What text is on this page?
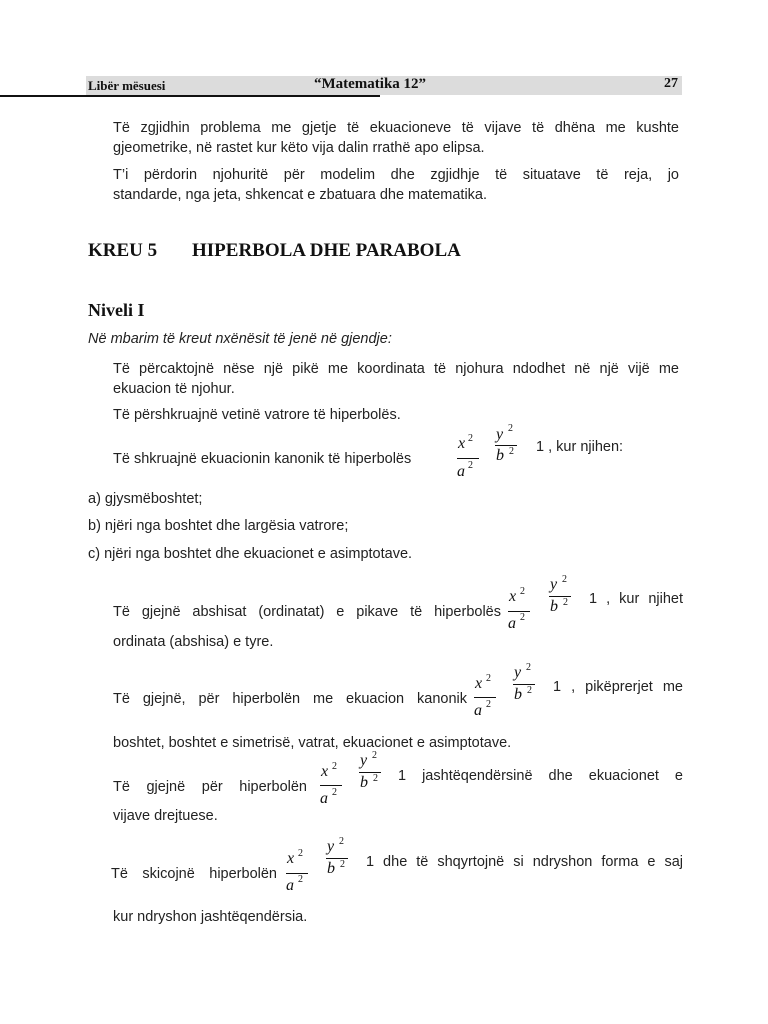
Libër mësuesi	“Matematika 12”	27
Të zgjidhin problema me gjetje të ekuacioneve të vijave të dhëna me kushte
gjeometrike, në rastet kur këto vija dalin rrathë apo elipsa.
T’i përdorin njohuritë për modelim dhe zgjidhje të situatave të reja, jo
standarde, nga jeta, shkencat e zbatuara dhe matematika.
KREU 5 HIPERBOLA DHE PARABOLA
Niveli I
Në mbarim të kreut nxënësit të jenë në gjendje:
Të përcaktojnë nëse një pikë me koordinata të njohura ndodhet në një vijë me
ekuacion të njohur.
Të përshkruajnë vetinë vatrore të hiperbolës.
Të shkruajnë ekuacionin kanonik të hiperbolës
x 2
a 2
y 2
b 2 1 , kur njihen:
a) gjysmëboshtet;
b) njëri nga boshtet dhe largësia vatrore;
c) njëri nga boshtet dhe ekuacionet e asimptotave.
Të gjejnë abshisat (ordinatat) e pikave të hiperbolës
x 2
a 2
y 2
b 2 1 , kur njihet
ordinata (abshisa) e tyre.
Të gjejnë, për hiperbolën me ekuacion kanonik
x 2
a 2
y 2
b 2 1 , pikëprerjet me
boshtet, boshtet e simetrisë, vatrat, ekuacionet e asimptotave.
Të gjejnë për hiperbolën
x 2
a 2
y 2
b 2 1 jashtëqendërsinë dhe ekuacionet e
vijave drejtuese.
Të skicojnë hiperbolën
x 2
a 2
y 2
b 2 1 dhe të shqyrtojnë si ndryshon forma e saj
kur ndryshon jashtëqendërsia.
